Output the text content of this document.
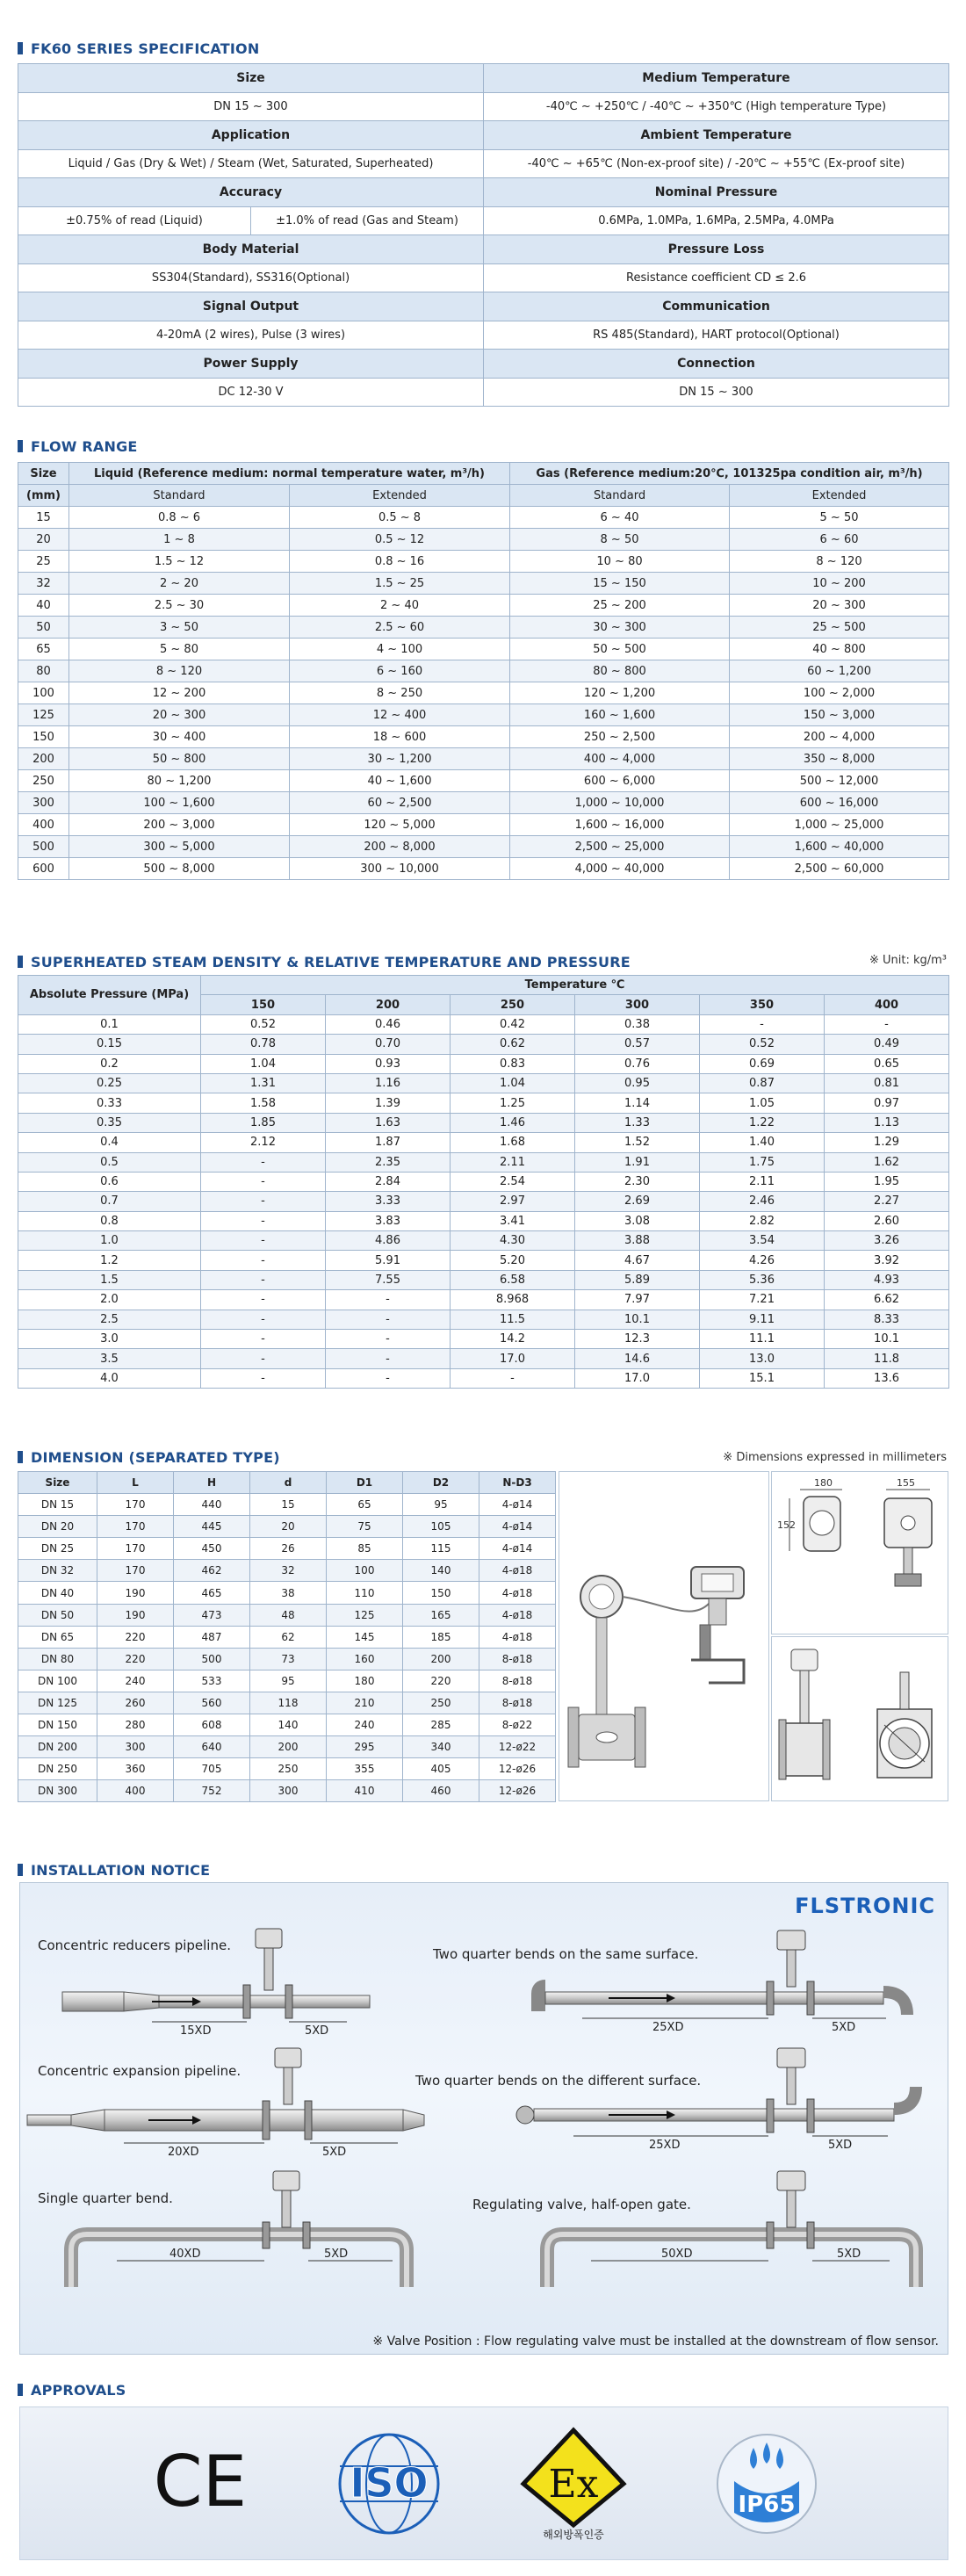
FK60 SERIES SPECIFICATION
Size		Medium Temperature
DN 15 ~ 300		-40℃ ~ +250℃ / -40℃ ~ +350℃ (High temperature Type)
Application		Ambient Temperature
Liquid / Gas (Dry & Wet) / Steam (Wet, Saturated, Superheated)		-40℃ ~ +65℃ (Non-ex-proof site) / -20℃ ~ +55℃ (Ex-proof site)
Accuracy		Nominal Pressure
±0.75% of read (Liquid)	±1.0% of read (Gas and Steam)	0.6MPa, 1.0MPa, 1.6MPa, 2.5MPa, 4.0MPa
Body Material		Pressure Loss
SS304(Standard), SS316(Optional)		Resistance coefficient CD ≤ 2.6
Signal Output		Communication
4-20mA (2 wires), Pulse (3 wires)		RS 485(Standard), HART protocol(Optional)
Power Supply		Connection
DC 12-30 V		DN 15 ~ 300
FLOW RANGE
Size	Liquid (Reference medium: normal temperature water, m³/h)		Gas (Reference medium:20℃, 101325pa condition air, m³/h)	
(mm)	Standard	Extended	Standard	Extended
15	0.8 ~ 6	0.5 ~ 8	6 ~ 40	5 ~ 50
20	1 ~ 8	0.5 ~ 12	8 ~ 50	6 ~ 60
25	1.5 ~ 12	0.8 ~ 16	10 ~ 80	8 ~ 120
32	2 ~ 20	1.5 ~ 25	15 ~ 150	10 ~ 200
40	2.5 ~ 30	2 ~ 40	25 ~ 200	20 ~ 300
50	3 ~ 50	2.5 ~ 60	30 ~ 300	25 ~ 500
65	5 ~ 80	4 ~ 100	50 ~ 500	40 ~ 800
80	8 ~ 120	6 ~ 160	80 ~ 800	60 ~ 1,200
100	12 ~ 200	8 ~ 250	120 ~ 1,200	100 ~ 2,000
125	20 ~ 300	12 ~ 400	160 ~ 1,600	150 ~ 3,000
150	30 ~ 400	18 ~ 600	250 ~ 2,500	200 ~ 4,000
200	50 ~ 800	30 ~ 1,200	400 ~ 4,000	350 ~ 8,000
250	80 ~ 1,200	40 ~ 1,600	600 ~ 6,000	500 ~ 12,000
300	100 ~ 1,600	60 ~ 2,500	1,000 ~ 10,000	600 ~ 16,000
400	200 ~ 3,000	120 ~ 5,000	1,600 ~ 16,000	1,000 ~ 25,000
500	300 ~ 5,000	200 ~ 8,000	2,500 ~ 25,000	1,600 ~ 40,000
600	500 ~ 8,000	300 ~ 10,000	4,000 ~ 40,000	2,500 ~ 60,000
SUPERHEATED STEAM DENSITY & RELATIVE TEMPERATURE AND PRESSURE	※ Unit: kg/m³
Absolute Pressure (MPa)	Temperature ℃					
	150	200	250	300	350	400
0.1	0.52	0.46	0.42	0.38	-	-
0.15	0.78	0.70	0.62	0.57	0.52	0.49
0.2	1.04	0.93	0.83	0.76	0.69	0.65
0.25	1.31	1.16	1.04	0.95	0.87	0.81
0.33	1.58	1.39	1.25	1.14	1.05	0.97
0.35	1.85	1.63	1.46	1.33	1.22	1.13
0.4	2.12	1.87	1.68	1.52	1.40	1.29
0.5	-	2.35	2.11	1.91	1.75	1.62
0.6	-	2.84	2.54	2.30	2.11	1.95
0.7	-	3.33	2.97	2.69	2.46	2.27
0.8	-	3.83	3.41	3.08	2.82	2.60
1.0	-	4.86	4.30	3.88	3.54	3.26
1.2	-	5.91	5.20	4.67	4.26	3.92
1.5	-	7.55	6.58	5.89	5.36	4.93
2.0	-	-	8.968	7.97	7.21	6.62
2.5	-	-	11.5	10.1	9.11	8.33
3.0	-	-	14.2	12.3	11.1	10.1
3.5	-	-	17.0	14.6	13.0	11.8
4.0	-	-	-	17.0	15.1	13.6
DIMENSION (SEPARATED TYPE)	※ Dimensions expressed in millimeters
Size	L	H	d	D1	D2	N-D3
DN 15	170	440	15	65	95	4-ø14
DN 20	170	445	20	75	105	4-ø14
DN 25	170	450	26	85	115	4-ø14
DN 32	170	462	32	100	140	4-ø18
DN 40	190	465	38	110	150	4-ø18
DN 50	190	473	48	125	165	4-ø18
DN 65	220	487	62	145	185	4-ø18
DN 80	220	500	73	160	200	8-ø18
DN 100	240	533	95	180	220	8-ø18
DN 125	260	560	118	210	250	8-ø18
DN 150	280	608	140	240	285	8-ø22
DN 200	300	640	200	295	340	12-ø22
DN 250	360	705	250	355	405	12-ø26
DN 300	400	752	300	410	460	12-ø26
180	155
152
INSTALLATION NOTICE
FLSTRONIC
Concentric reducers pipeline.
Two quarter bends on the same surface.
Concentric expansion pipeline.
Two quarter bends on the different surface.
Single quarter bend.	Regulating valve, half-open gate.
15XD	5XD	25XD	5XD
20XD	5XD
25XD	5XD
40XD	5XD	50XD	5XD
※ Valve Position : Flow regulating valve must be installed at the downstream of flow sensor.
APPROVALS
CE	ISO	Ex
해외방폭인증
IP65
